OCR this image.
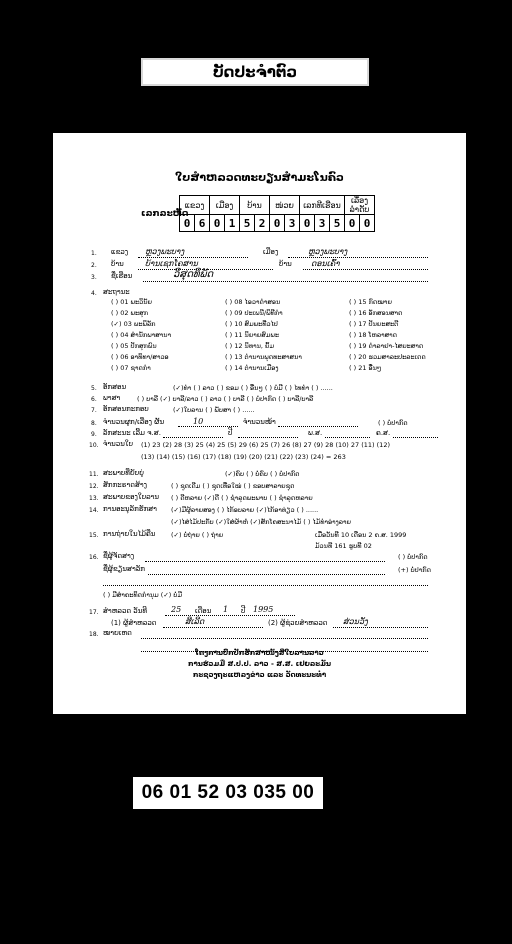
ບັດປະຈຳຕົວ
ໃບສຳຫລວດທະບຽນສຳມະໂນຄົວ
ເລກລະຫັດ
ແຂວງ		ເມືອງ		ບ້ານ		ໜ່ວຍ		ເລກທີເຮືອນ			ເລື່ອງລຳດັບ	
0	6	0	1	5	2	0	3	0	3	5	0	0
1. ແຂວງ ຫຼວງພະບາງ	ເມືອງ	ຫຼວງພະບາງ
2. ບ້ານ	ບ້ານເຊກໂຄສານ	ບ້ານ ດອນເຄົ້າ
3. ຊື່ເຮືອນ	ວິສຸດທິພັດ
4. ສະຖານະ
5. ອັກສອນ	(✓)ທຳ ( ) ລາວ ( ) ຂອມ ( ) ອື່ນໆ ( ) ບໍ່ມີ ( ) ໄທທໍາ ( ) ......
6. ພາສາ	( ) ບາລີ (✓) ບາລີ/ລາວ ( ) ລາວ ( ) ບາລີ ( ) ບໍ່ປາກົດ ( ) ບາລີ/ບາລີ
7. ອັກສອນກະກອບ	(✓)ໃບລານ ( ) ພັບສາ ( ) ......
8. ຈຳນວນຜູກ/ເລື່ອງ ຜັ້ນ	10	ຈຳນວນໜ້າ	( ) ບໍ່ປາກົດ
9. ລັກສະນະ ເລີ້ມ ຈ.ສ.	ປີ	ພ.ສ.	ຄ.ສ.
10. ຈຳນວນໃບ (1) 23 (2) 28 (3) 25 (4) 25 (5) 29 (6) 25 (7) 26 (8) 27 (9) 28 (10) 27 (11) (12)
(13) (14) (15) (16) (17) (18) (19) (20) (21) (22) (23) (24) = 263
11. ສະພາບທີ່ຍັບຍູ່	(✓)ຄົບ ( ) ບໍ່ຄົບ ( ) ບໍ່ປາກົດ
12. ສັກກະຣາດສ້າງ	( ) ຊຸດເດີມ ( ) ຊຸດເທື່ອໃໝ່ ( ) ຂອບສາລາຍຊຸດ
13. ສະພາບຂອງໃບລານ ( ) ດີຫລາຍ (✓)ດີ ( ) ຊຳລຸດພະພາບ ( ) ຊຳລຸດຫລາຍ
14. ການອະນຸລັກຮັກສາ (✓)ມີຜູ້ລາຍສອງ ( ) ໄກ້ອບລາຍ (✓)ໄກ້ອາທ່ຽວ ( ) ......
(✓)ໄສ່ໄມ້ປະກັບ (✓)ໃສ່ຜ້າຫໍ່ (✓)ສັກໂຄສະນາໄມ້ ( ) ໄມ້ທຳອ່າງລາຍ
15. ການຖ່າຍໃນໄມ້ຄືນ (✓) ບໍ່ຖ່າຍ ( ) ຖ່າຍ	ເມື່ອວັນທີ 10 ເດືອນ 2 ຄ.ສ. 1999
ມ້ວນທີ 161 ຮູບທີ 02
16. ຊື່ຜູ້ຈັດສາງ	( ) ບໍ່ປາກົດ
ຊື່ຜູ້ຂຽນສາລັກ	(+) ບໍ່ປາກົດ
( ) ມີສຳຄະທິດກຳນຸມ (✓) ບໍ່ມີ
17. ສຳຫລວດ ວັນທີ	25 ເດືອນ 1 ປີ 1995
(1) ຜູ້ສຳຫລວດ	ສີເລີດ	(2) ຜູ້ຊ່ວຍສຳຫລວດ ສ່ວນວັງ
18. ໝາຍເຫດ
ໂຄງການປົກປັກຮັກສາໜັງສືໃບລານລາວ
ການຮ່ວມມື ສ.ປ.ປ. ລາວ - ສ.ສ. ເຢຍລະມັນ
ກະຊວງຖະແຫລງຂ່າວ ແລະ ວັດທະນະທຳ
( ) 01 ພະວິນັຍ
( ) 02 ພະສຸກ
(✓) 03 ພະພິລັກ
( ) 04 ສຳນັກພາສານາ
( ) 05 ປັກສຸກພົນ
( ) 06 ອາທິທາ/ສາວອ
( ) 07 ຊາດກຳ
( ) 08 ໄອວາດຳສອນ
( ) 09 ປະເພນີ/ພິທີກຳ
( ) 10 ສົມພະທີ່ວໄປ
( ) 11 ນິຍາຍສົມພະ
( ) 12 ນິທານ, ຍິ້ມ
( ) 13 ຕຳນານພຸດທະສາສນາ
( ) 14 ຕຳນານເມືອງ
( ) 15 ກົດໝາຍ
( ) 16 ອັກສອນສາດ
( ) 17 ປັນຍະສະຕີ
( ) 18 ໂຫລາສາດ
( ) 19 ດຳລາຢາ-ໄສຍະສາດ
( ) 20 ຮວມສາລະປະລະເດດ
( ) 21 ອື່ນໆ
06 01 52 03 035 00
